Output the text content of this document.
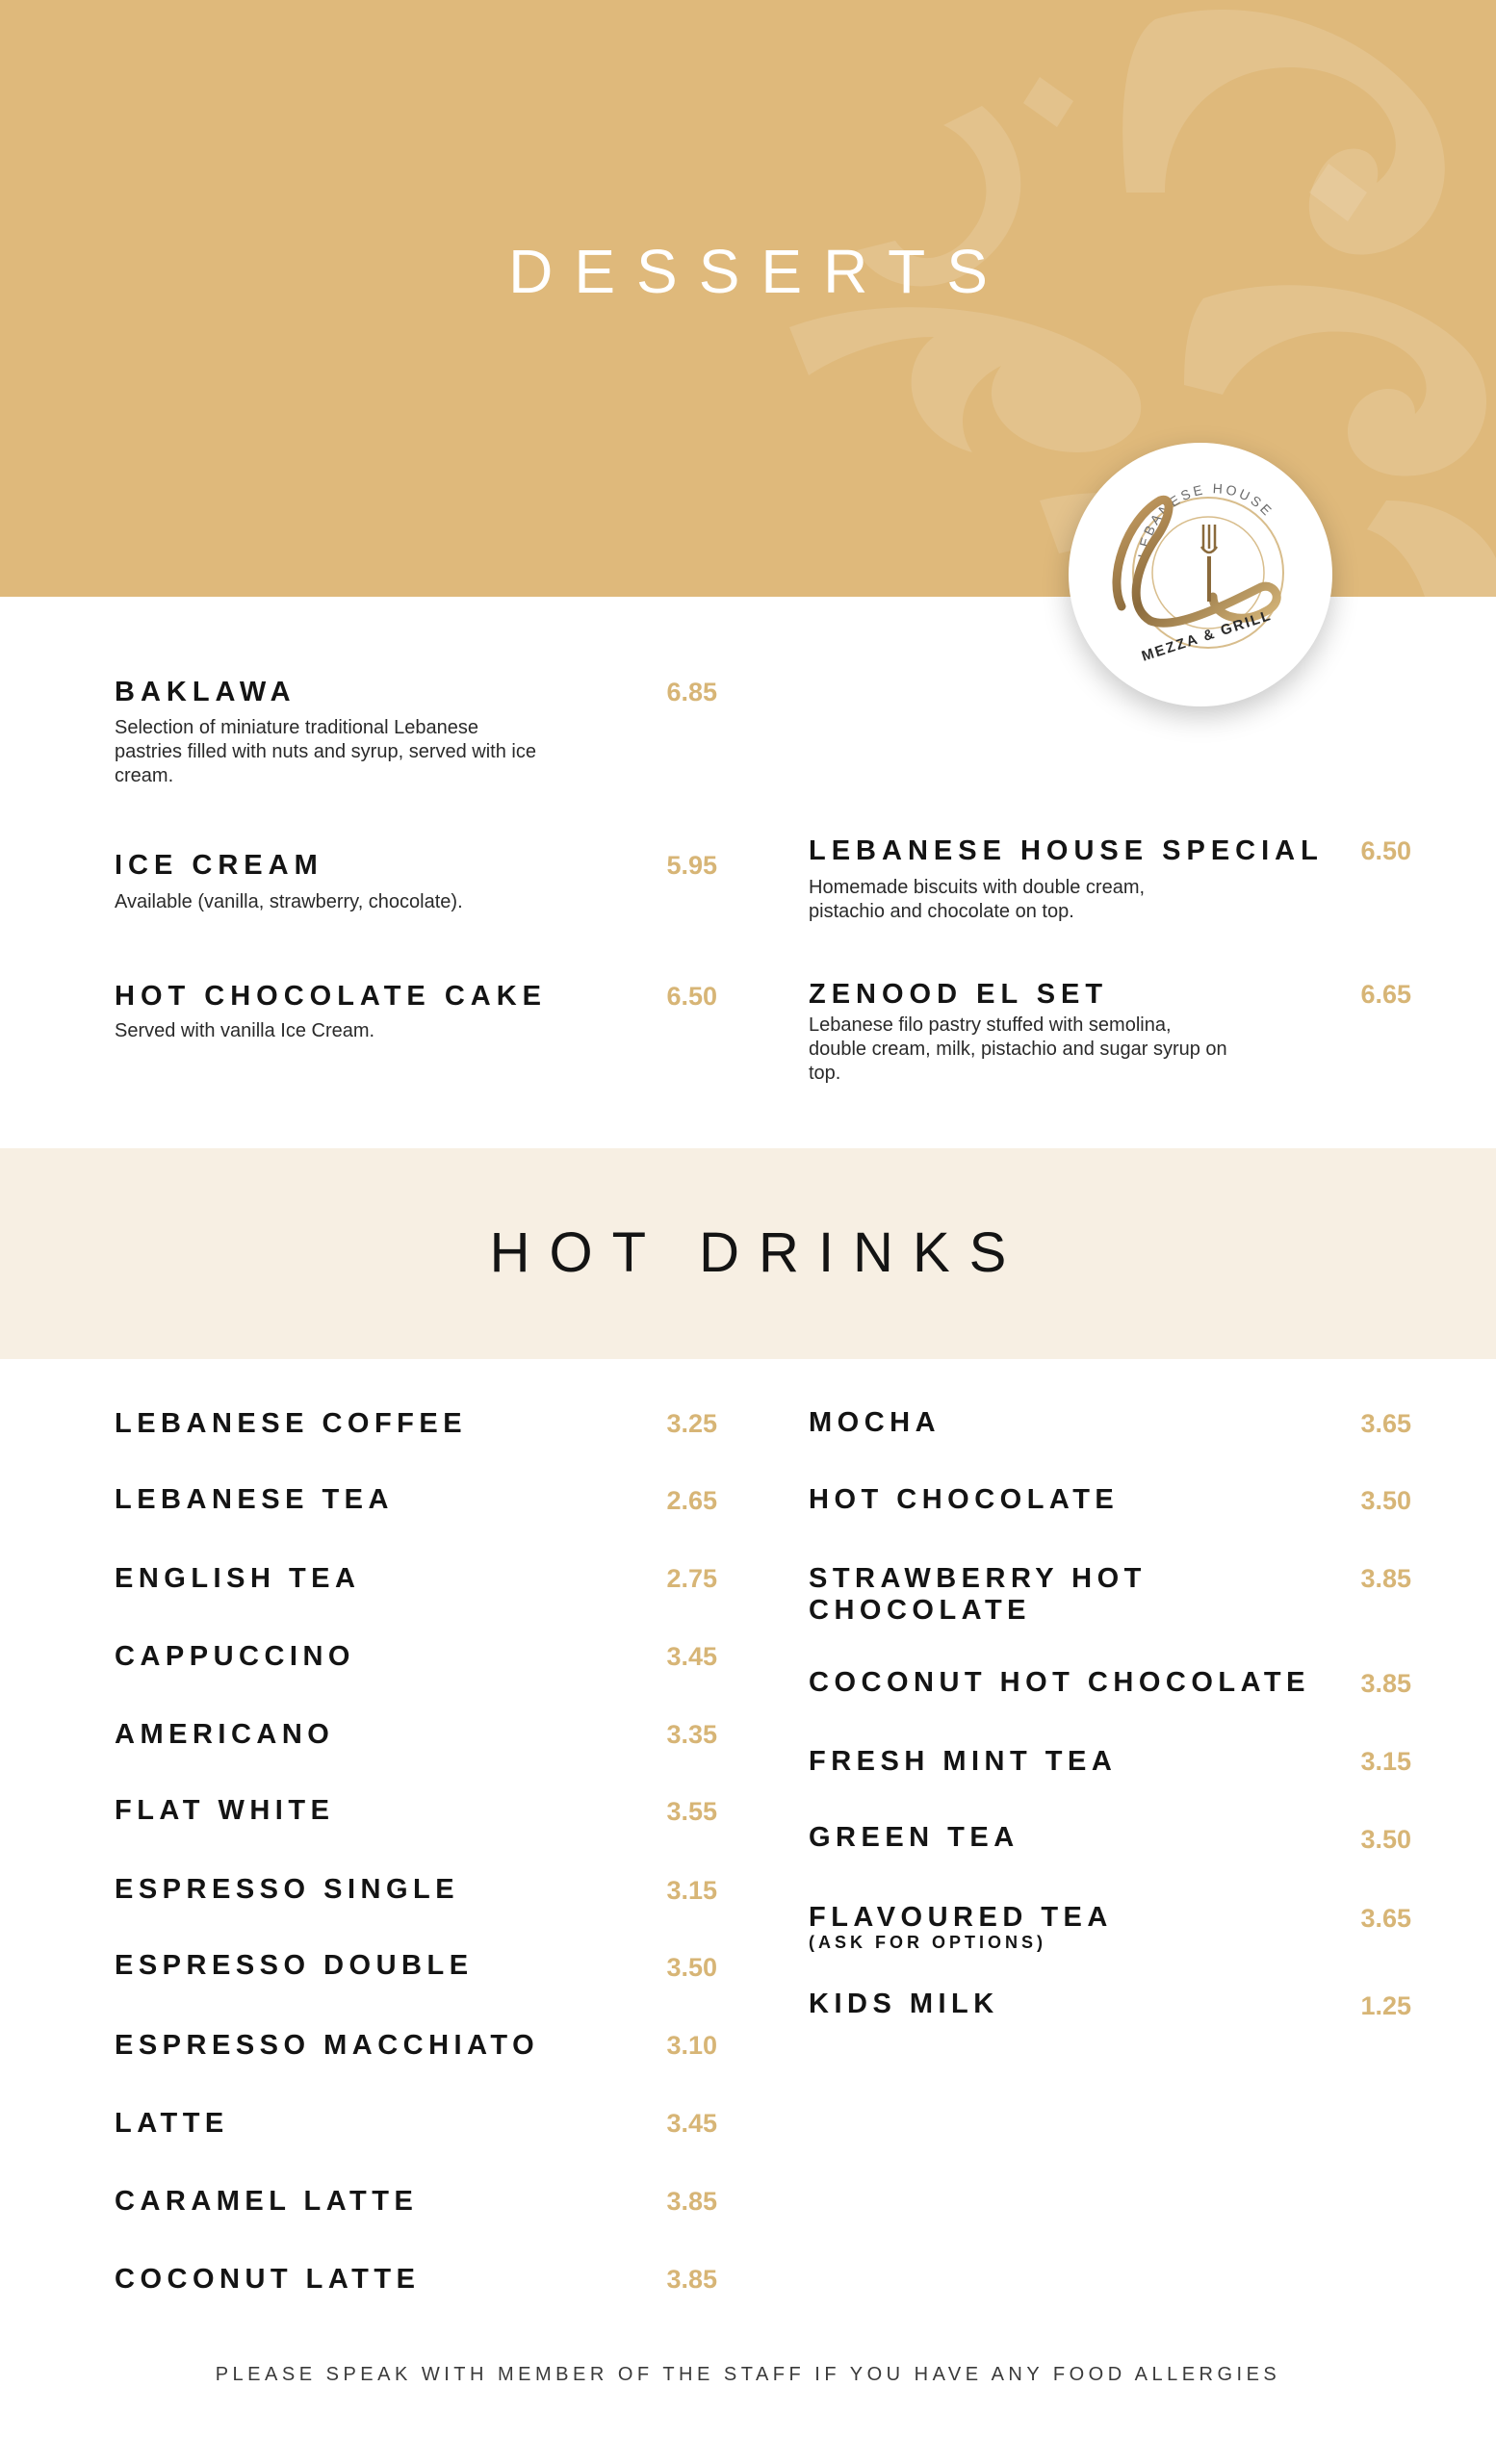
DESSERTS
LEBANESE HOUSE
MEZZA & GRILL
BAKLAWA	6.85

Selection of miniature traditional Lebanese pastries filled with nuts and syrup, served with ice cream.

ICE CREAM	5.95

Available (vanilla, strawberry, chocolate).

HOT CHOCOLATE CAKE	6.50

Served with vanilla Ice Cream.

LEBANESE HOUSE SPECIAL	6.50

Homemade biscuits with double cream, pistachio and chocolate on top.

ZENOOD EL SET	6.65

Lebanese filo pastry stuffed with semolina, double cream, milk, pistachio and sugar syrup on top.

HOT DRINKS
LEBANESE COFFEE	3.25
LEBANESE TEA	2.65
ENGLISH TEA	2.75
CAPPUCCINO	3.45
AMERICANO	3.35
FLAT WHITE	3.55
ESPRESSO SINGLE	3.15
ESPRESSO DOUBLE	3.50
ESPRESSO MACCHIATO	3.10
LATTE	3.45
CARAMEL LATTE	3.85
COCONUT LATTE	3.85
MOCHA	3.65
HOT CHOCOLATE	3.50
STRAWBERRY HOT
CHOCOLATE
3.85
COCONUT HOT CHOCOLATE	3.85
FRESH MINT TEA	3.15
GREEN TEA	3.50
FLAVOURED TEA

(ASK FOR OPTIONS)

3.65
KIDS MILK	1.25
PLEASE SPEAK WITH MEMBER OF THE STAFF IF YOU HAVE ANY FOOD ALLERGIES
